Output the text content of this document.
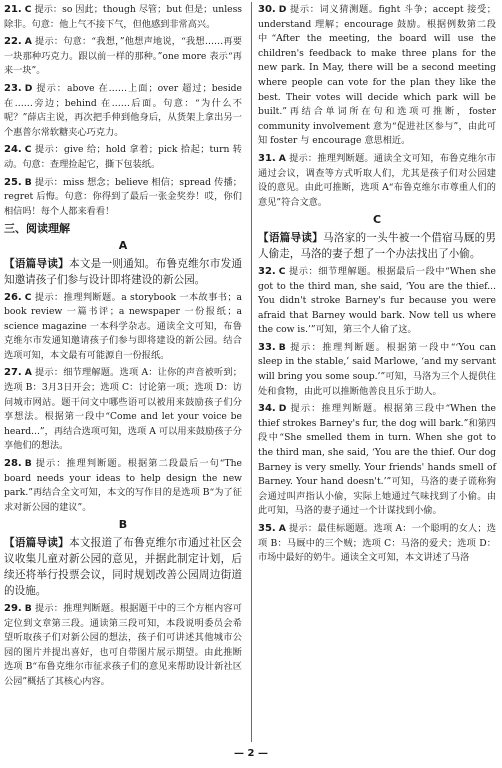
21. C 提示：so 因此；though 尽管；but 但是；unless 除非。句意：他上气不接下气，但他感到非常高兴。
22. A 提示：句意：“我想，”他想声地说，“我想……再要一块那种巧克力。跟以前一样的那种。”one more 表示“再来一块”。
23. D 提示：above 在……上面；over 超过；beside 在……旁边；behind 在……后面。句意：“为什么不呢？”薛店主说，再次把手伸到他身后，从货架上拿出另一个惠普尔常软糖夹心巧克力。
24. C 提示：give 给；hold 拿着；pick 拾起；turn 转动。句意：查理捡起它，撕下包装纸。
25. B 提示：miss 想念；believe 相信；spread 传播；regret 后悔。句意：你得到了最后一张金奖券！哎，你们相信吗！每个人都来看看！
三、阅读理解
A
【语篇导读】本文是一则通知。布鲁克维尔市发通知邀请孩子们参与设计即将建设的新公园。
26. C 提示：推理判断题。a storybook 一本故事书；a book review 一篇书评；a newspaper 一份报纸；a science magazine 一本科学杂志。通读全文可知，布鲁克维尔市发通知邀请孩子们参与即将建设的新公园。结合选项可知，本文最有可能源自一份报纸。
27. A 提示：细节理解题。选项 A：让你的声音被听到；选项 B：3月3日开会；选项 C：讨论第一项；选项 D：访问城市网站。题干问文中哪些语可以被用来鼓励孩子们分享想法。根据第一段中“Come and let your voice be heard...”，再结合选项可知，选项 A 可以用来鼓励孩子分享他们的想法。
28. B 提示：推理判断题。根据第二段最后一句“The board needs your ideas to help design the new park.”再结合全文可知，本文的写作目的是选项 B“为了征求对新公园的建议”。
B
【语篇导读】本文报道了布鲁克维尔市通过社区会议收集儿童对新公园的意见，并据此制定计划，后续还将举行投票会议，同时规划改善公园周边街道的设施。
29. B 提示：推理判断题。根据题干中的三个方框内容可定位到文章第三段。通读第三段可知，本段说明委员会希望听取孩子们对新公园的想法，孩子们可讲述其他城市公园的图片并提出喜好，也可自带图片展示期望。由此推断选项 B“布鲁克维尔市征求孩子们的意见来帮助设计新社区公园”概括了其核心内容。
30. D 提示：词义猜测题。fight 斗争；accept 接受；understand 理解；encourage 鼓励。根据例数第二段中“After the meeting, the board will use the children's feedback to make three plans for the new park. In May, there will be a second meeting where people can vote for the plan they like the best. Their votes will decide which park will be built.”再结合单词所在句和选项可推断，foster community involvement 意为“促进社区参与”，由此可知 foster 与 encourage 意思相近。
31. A 提示：推理判断题。通读全文可知，布鲁克维尔市通过会议，调查等方式听取人们，尤其是孩子们对公园建设的意见。由此可推断，选项 A“布鲁克维尔市尊重人们的意见”符合文意。
C
【语篇导读】马洛家的一头牛被一个借宿马厩的男人偷走，马洛的妻子想了一个办法找出了小偷。
32. C 提示：细节理解题。根据最后一段中“When she got to the third man, she said, ‘You are the thief... You didn't stroke Barney's fur because you were afraid that Barney would bark. Now tell us where the cow is.’”可知，第三个人偷了这。
33. B 提示：推理判断题。根据第一段中“‘You can sleep in the stable,’ said Marlowe, ‘and my servant will bring you some soup.’”可知，马洛为三个人提供住处和食物，由此可以推断他善良且乐于助人。
34. D 提示：推理判断题。根据第三段中“When the thief strokes Barney's fur, the dog will bark.”和第四段中“She smelled them in turn. When she got to the third man, she said, ‘You are the thief. Our dog Barney is very smelly. Your friends' hands smell of Barney. Your hand doesn't.’”可知，马洛的妻子谎称狗会通过叫声指认小偷，实际上她通过气味找到了小偷。由此可知，马洛的妻子通过一个计谋找到小偷。
35. A 提示：最佳标题题。选项 A：一个聪明的女人；选项 B：马厩中的三个贼；选项 C：马洛的爱犬；选项 D：市场中最好的奶牛。通读全文可知，本文讲述了马洛
— 2 —
